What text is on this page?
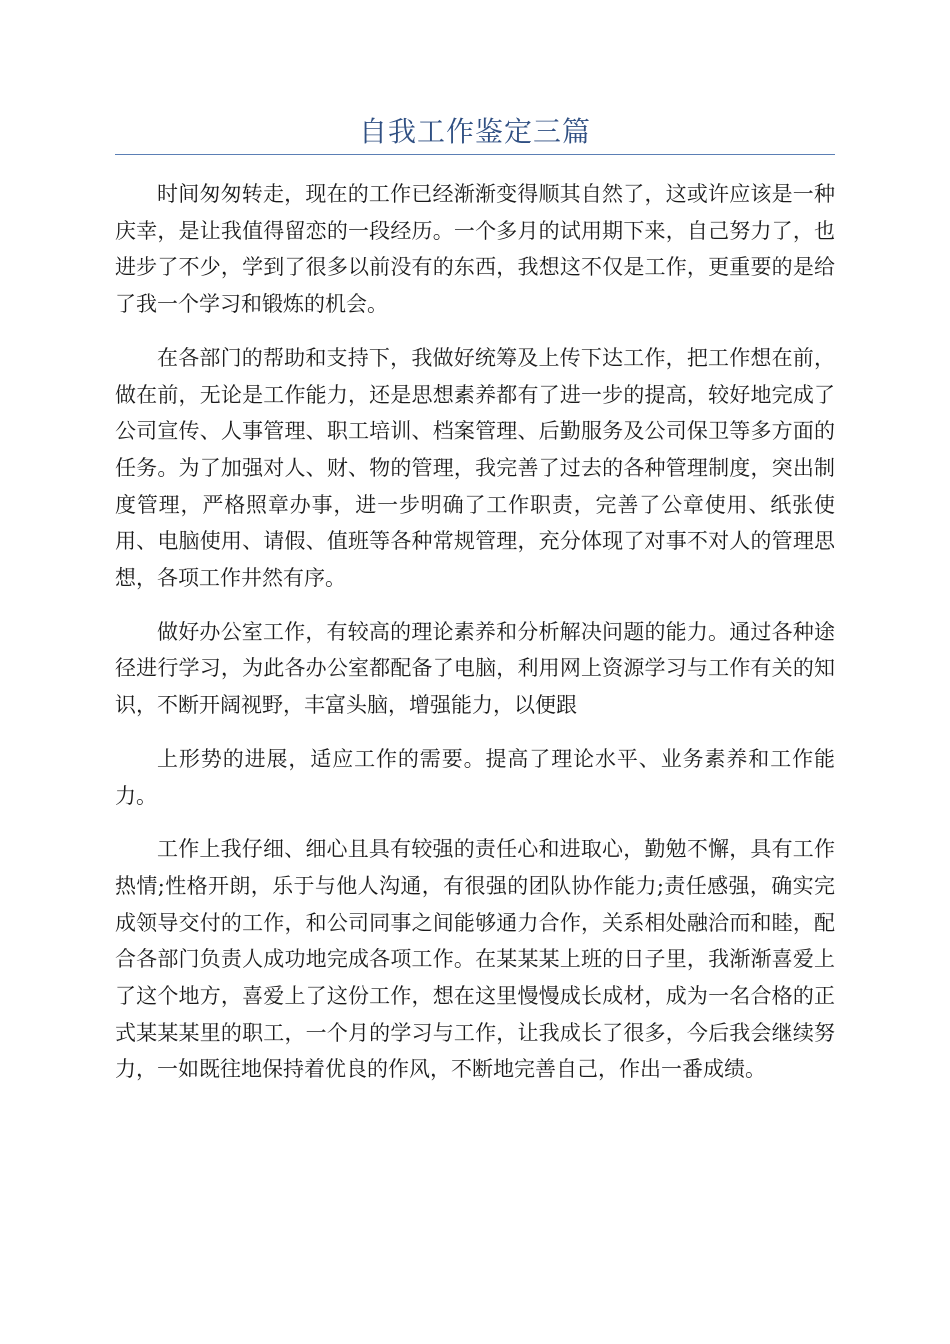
自我工作鉴定三篇

时间匆匆转走，现在的工作已经渐渐变得顺其自然了，这或许应该是一种庆幸，是让我值得留恋的一段经历。一个多月的试用期下来，自己努力了，也进步了不少，学到了很多以前没有的东西，我想这不仅是工作，更重要的是给了我一个学习和锻炼的机会。

在各部门的帮助和支持下，我做好统筹及上传下达工作，把工作想在前，做在前，无论是工作能力，还是思想素养都有了进一步的提高，较好地完成了公司宣传、人事管理、职工培训、档案管理、后勤服务及公司保卫等多方面的任务。为了加强对人、财、物的管理，我完善了过去的各种管理制度，突出制度管理，严格照章办事，进一步明确了工作职责，完善了公章使用、纸张使用、电脑使用、请假、值班等各种常规管理，充分体现了对事不对人的管理思想，各项工作井然有序。

做好办公室工作，有较高的理论素养和分析解决问题的能力。通过各种途径进行学习，为此各办公室都配备了电脑，利用网上资源学习与工作有关的知识，不断开阔视野，丰富头脑，增强能力，以便跟

上形势的进展，适应工作的需要。提高了理论水平、业务素养和工作能力。

工作上我仔细、细心且具有较强的责任心和进取心，勤勉不懈，具有工作热情;性格开朗，乐于与他人沟通，有很强的团队协作能力;责任感强，确实完成领导交付的工作，和公司同事之间能够通力合作，关系相处融洽而和睦，配合各部门负责人成功地完成各项工作。在某某某上班的日子里，我渐渐喜爱上了这个地方，喜爱上了这份工作，想在这里慢慢成长成材，成为一名合格的正式某某某里的职工，一个月的学习与工作，让我成长了很多，今后我会继续努力，一如既往地保持着优良的作风，不断地完善自己，作出一番成绩。
